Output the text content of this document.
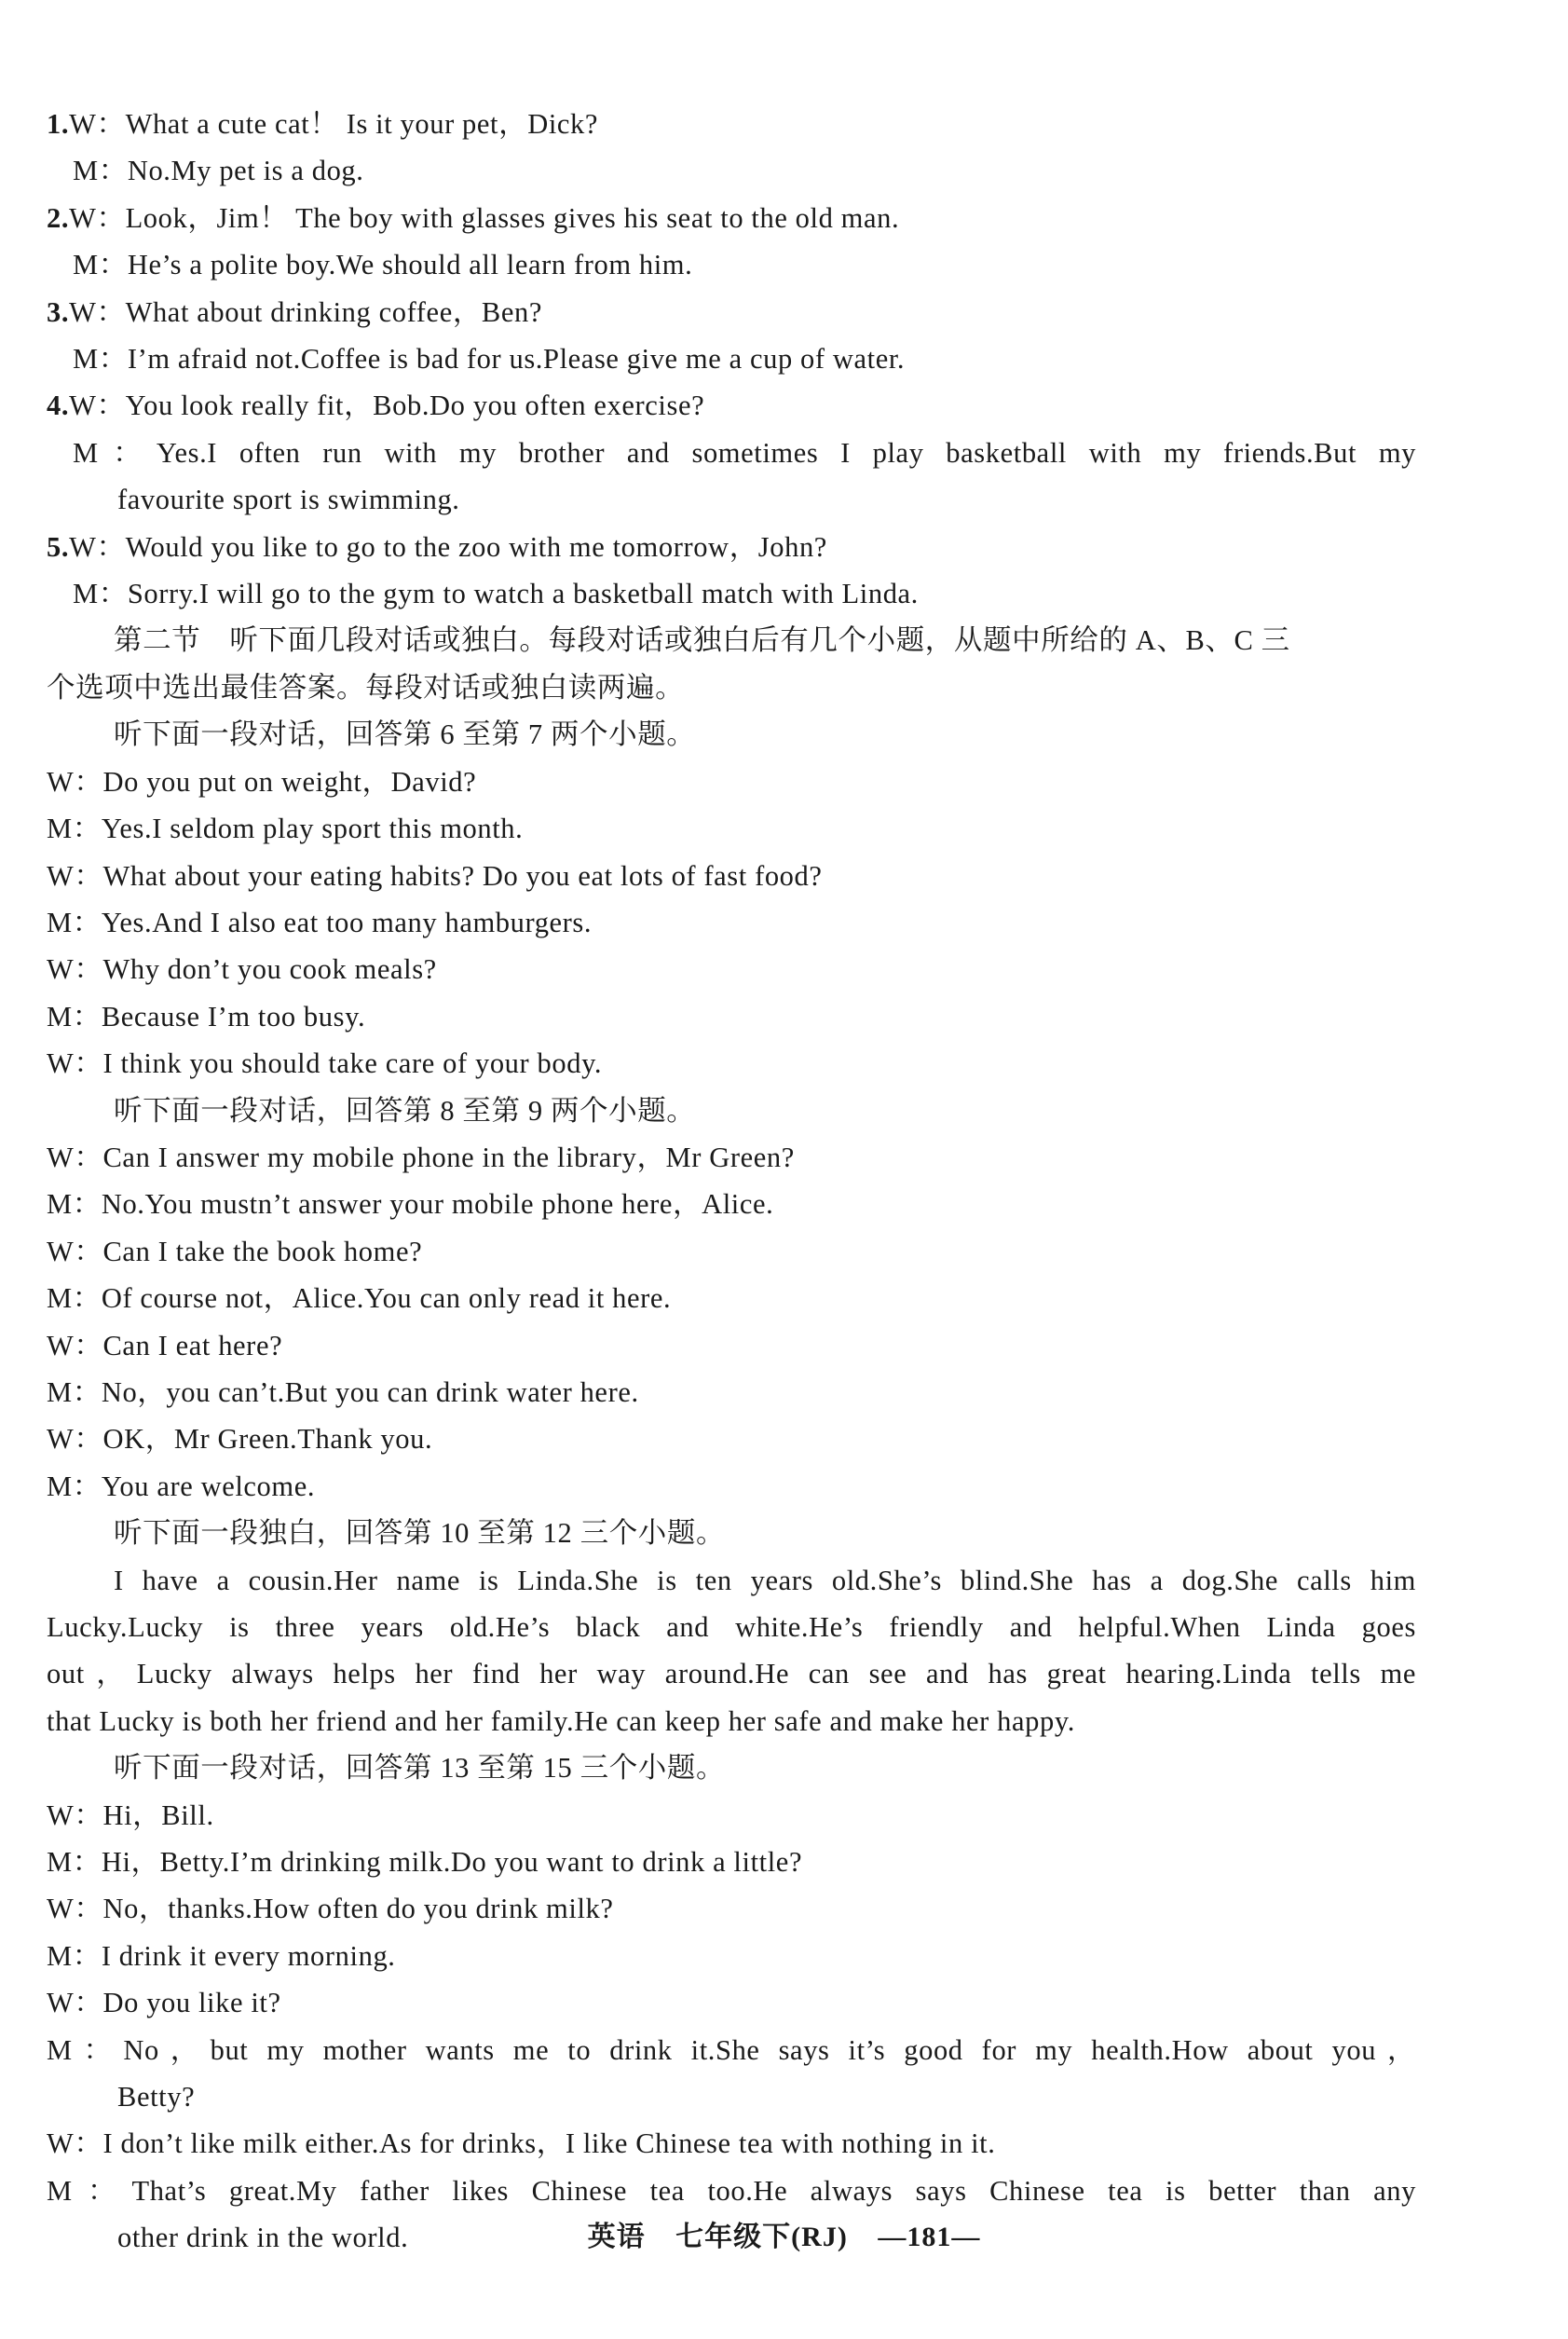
1.W：What a cute cat！ Is it your pet，Dick?
M：No.My pet is a dog.
2.W：Look，Jim！ The boy with glasses gives his seat to the old man.
M：He’s a polite boy.We should all learn from him.
3.W：What about drinking coffee，Ben?
M：I’m afraid not.Coffee is bad for us.Please give me a cup of water.
4.W：You look really fit，Bob.Do you often exercise?
M：Yes.I often run with my brother and sometimes I play basketball with my friends.But my
favourite sport is swimming.
5.W：Would you like to go to the zoo with me tomorrow，John?
M：Sorry.I will go to the gym to watch a basketball match with Linda.
第二节　听下面几段对话或独白。每段对话或独白后有几个小题，从题中所给的 A、B、C 三
个选项中选出最佳答案。每段对话或独白读两遍。
听下面一段对话，回答第 6 至第 7 两个小题。
W：Do you put on weight，David?
M：Yes.I seldom play sport this month.
W：What about your eating habits? Do you eat lots of fast food?
M：Yes.And I also eat too many hamburgers.
W：Why don’t you cook meals?
M：Because I’m too busy.
W：I think you should take care of your body.
听下面一段对话，回答第 8 至第 9 两个小题。
W：Can I answer my mobile phone in the library，Mr Green?
M：No.You mustn’t answer your mobile phone here，Alice.
W：Can I take the book home?
M：Of course not，Alice.You can only read it here.
W：Can I eat here?
M：No，you can’t.But you can drink water here.
W：OK，Mr Green.Thank you.
M：You are welcome.
听下面一段独白，回答第 10 至第 12 三个小题。
I have a cousin.Her name is Linda.She is ten years old.She’s blind.She has a dog.She calls him
Lucky.Lucky is three years old.He’s black and white.He’s friendly and helpful.When Linda goes
out，Lucky always helps her find her way around.He can see and has great hearing.Linda tells me
that Lucky is both her friend and her family.He can keep her safe and make her happy.
听下面一段对话，回答第 13 至第 15 三个小题。
W：Hi，Bill.
M：Hi，Betty.I’m drinking milk.Do you want to drink a little?
W：No，thanks.How often do you drink milk?
M：I drink it every morning.
W：Do you like it?
M：No，but my mother wants me to drink it.She says it’s good for my health.How about you，
Betty?
W：I don’t like milk either.As for drinks，I like Chinese tea with nothing in it.
M：That’s great.My father likes Chinese tea too.He always says Chinese tea is better than any
other drink in the world.	英语 七年级下(RJ) —181—
